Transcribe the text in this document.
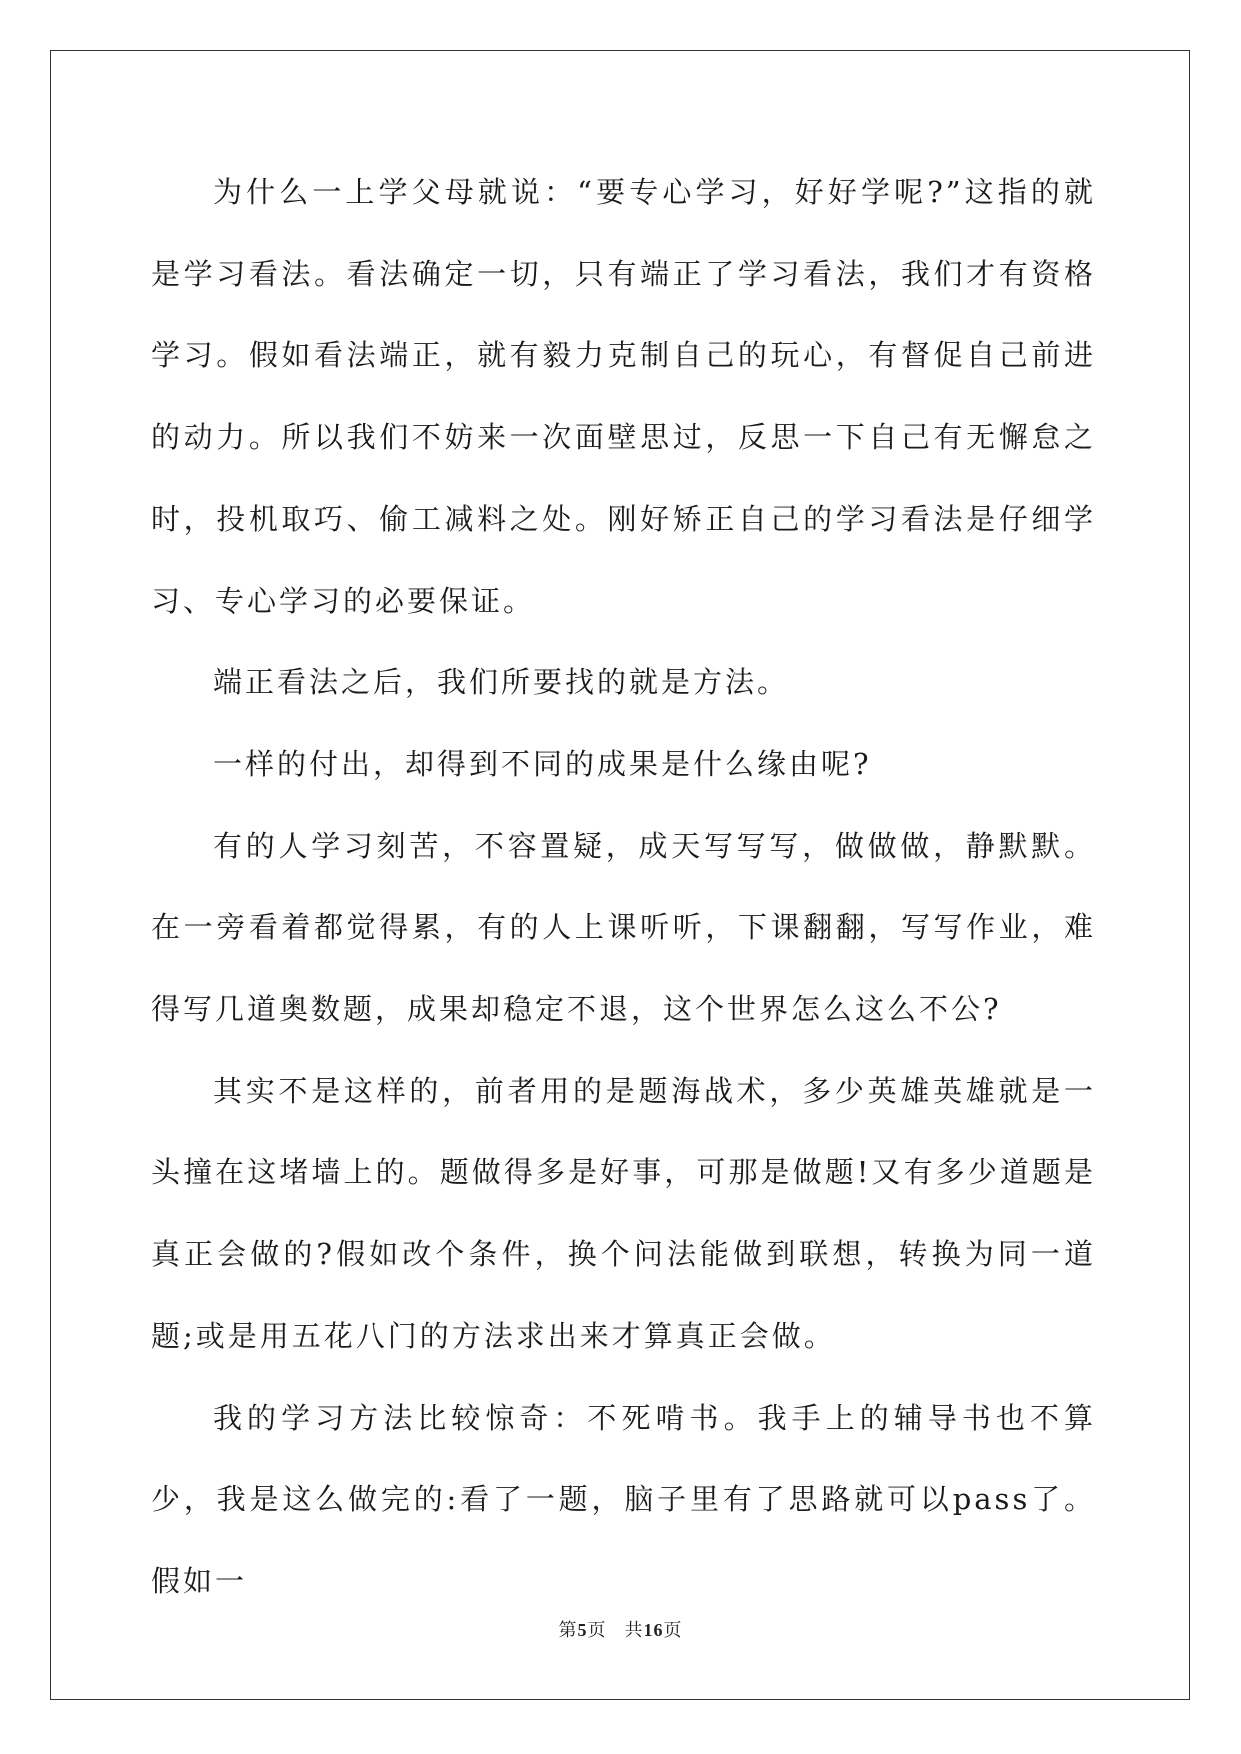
为什么一上学父母就说：“要专心学习，好好学呢?”这指的就是学习看法。看法确定一切，只有端正了学习看法，我们才有资格学习。假如看法端正，就有毅力克制自己的玩心，有督促自己前进的动力。所以我们不妨来一次面壁思过，反思一下自己有无懈怠之时，投机取巧、偷工减料之处。刚好矫正自己的学习看法是仔细学习、专心学习的必要保证。

端正看法之后，我们所要找的就是方法。

一样的付出，却得到不同的成果是什么缘由呢?

有的人学习刻苦，不容置疑，成天写写写，做做做，静默默。在一旁看着都觉得累，有的人上课听听，下课翻翻，写写作业，难得写几道奥数题，成果却稳定不退，这个世界怎么这么不公?

其实不是这样的，前者用的是题海战术，多少英雄英雄就是一头撞在这堵墙上的。题做得多是好事，可那是做题!又有多少道题是真正会做的?假如改个条件，换个问法能做到联想，转换为同一道题;或是用五花八门的方法求出来才算真正会做。

我的学习方法比较惊奇：不死啃书。我手上的辅导书也不算少，我是这么做完的:看了一题，脑子里有了思路就可以pass了。假如一

第5页 共16页
